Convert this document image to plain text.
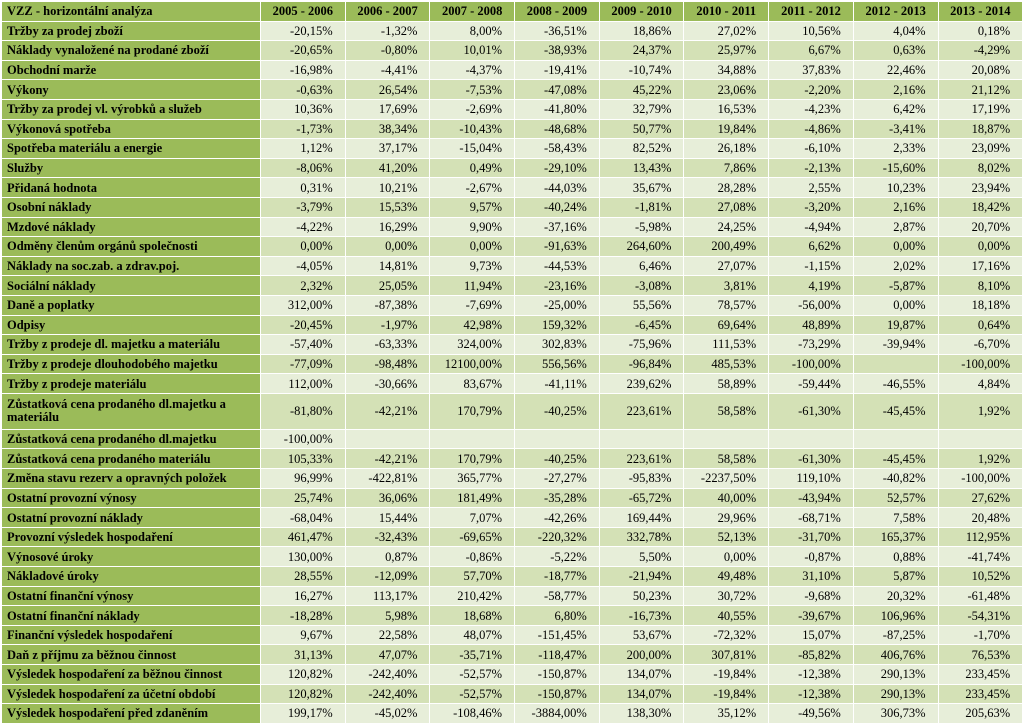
VZZ - horizontální analýza	2005 - 2006	2006 - 2007	2007 - 2008	2008 - 2009	2009 - 2010	2010 - 2011	2011 - 2012	2012 - 2013	2013 - 2014
Tržby za prodej zboží	-20,15%	-1,32%	8,00%	-36,51%	18,86%	27,02%	10,56%	4,04%	0,18%
Náklady vynaložené na prodané zboží	-20,65%	-0,80%	10,01%	-38,93%	24,37%	25,97%	6,67%	0,63%	-4,29%
Obchodní marže	-16,98%	-4,41%	-4,37%	-19,41%	-10,74%	34,88%	37,83%	22,46%	20,08%
Výkony	-0,63%	26,54%	-7,53%	-47,08%	45,22%	23,06%	-2,20%	2,16%	21,12%
Tržby za prodej vl. výrobků a služeb	10,36%	17,69%	-2,69%	-41,80%	32,79%	16,53%	-4,23%	6,42%	17,19%
Výkonová spotřeba	-1,73%	38,34%	-10,43%	-48,68%	50,77%	19,84%	-4,86%	-3,41%	18,87%
Spotřeba materiálu a energie	1,12%	37,17%	-15,04%	-58,43%	82,52%	26,18%	-6,10%	2,33%	23,09%
Služby	-8,06%	41,20%	0,49%	-29,10%	13,43%	7,86%	-2,13%	-15,60%	8,02%
Přidaná hodnota	0,31%	10,21%	-2,67%	-44,03%	35,67%	28,28%	2,55%	10,23%	23,94%
Osobní náklady	-3,79%	15,53%	9,57%	-40,24%	-1,81%	27,08%	-3,20%	2,16%	18,42%
Mzdové náklady	-4,22%	16,29%	9,90%	-37,16%	-5,98%	24,25%	-4,94%	2,87%	20,70%
Odměny členům orgánů společnosti	0,00%	0,00%	0,00%	-91,63%	264,60%	200,49%	6,62%	0,00%	0,00%
Náklady na soc.zab. a zdrav.poj.	-4,05%	14,81%	9,73%	-44,53%	6,46%	27,07%	-1,15%	2,02%	17,16%
Sociální náklady	2,32%	25,05%	11,94%	-23,16%	-3,08%	3,81%	4,19%	-5,87%	8,10%
Daně a poplatky	312,00%	-87,38%	-7,69%	-25,00%	55,56%	78,57%	-56,00%	0,00%	18,18%
Odpisy	-20,45%	-1,97%	42,98%	159,32%	-6,45%	69,64%	48,89%	19,87%	0,64%
Tržby z prodeje dl. majetku a materiálu	-57,40%	-63,33%	324,00%	302,83%	-75,96%	111,53%	-73,29%	-39,94%	-6,70%
Tržby z prodeje dlouhodobého majetku	-77,09%	-98,48%	12100,00%	556,56%	-96,84%	485,53%	-100,00%		-100,00%
Tržby z prodeje materiálu	112,00%	-30,66%	83,67%	-41,11%	239,62%	58,89%	-59,44%	-46,55%	4,84%
Zůstatková cena prodaného dl.majetku a materiálu	-81,80%	-42,21%	170,79%	-40,25%	223,61%	58,58%	-61,30%	-45,45%	1,92%
Zůstatková cena prodaného dl.majetku	-100,00%								
Zůstatková cena prodaného materiálu	105,33%	-42,21%	170,79%	-40,25%	223,61%	58,58%	-61,30%	-45,45%	1,92%
Změna stavu rezerv a opravných položek	96,99%	-422,81%	365,77%	-27,27%	-95,83%	-2237,50%	119,10%	-40,82%	-100,00%
Ostatní provozní výnosy	25,74%	36,06%	181,49%	-35,28%	-65,72%	40,00%	-43,94%	52,57%	27,62%
Ostatní provozní náklady	-68,04%	15,44%	7,07%	-42,26%	169,44%	29,96%	-68,71%	7,58%	20,48%
Provozní výsledek hospodaření	461,47%	-32,43%	-69,65%	-220,32%	332,78%	52,13%	-31,70%	165,37%	112,95%
Výnosové úroky	130,00%	0,87%	-0,86%	-5,22%	5,50%	0,00%	-0,87%	0,88%	-41,74%
Nákladové úroky	28,55%	-12,09%	57,70%	-18,77%	-21,94%	49,48%	31,10%	5,87%	10,52%
Ostatní finanční výnosy	16,27%	113,17%	210,42%	-58,77%	50,23%	30,72%	-9,68%	20,32%	-61,48%
Ostatní finanční náklady	-18,28%	5,98%	18,68%	6,80%	-16,73%	40,55%	-39,67%	106,96%	-54,31%
Finanční výsledek hospodaření	9,67%	22,58%	48,07%	-151,45%	53,67%	-72,32%	15,07%	-87,25%	-1,70%
Daň z příjmu za běžnou činnost	31,13%	47,07%	-35,71%	-118,47%	200,00%	307,81%	-85,82%	406,76%	76,53%
Výsledek hospodaření za běžnou činnost	120,82%	-242,40%	-52,57%	-150,87%	134,07%	-19,84%	-12,38%	290,13%	233,45%
Výsledek hospodaření za účetní období	120,82%	-242,40%	-52,57%	-150,87%	134,07%	-19,84%	-12,38%	290,13%	233,45%
Výsledek hospodaření před zdaněním	199,17%	-45,02%	-108,46%	-3884,00%	138,30%	35,12%	-49,56%	306,73%	205,63%
